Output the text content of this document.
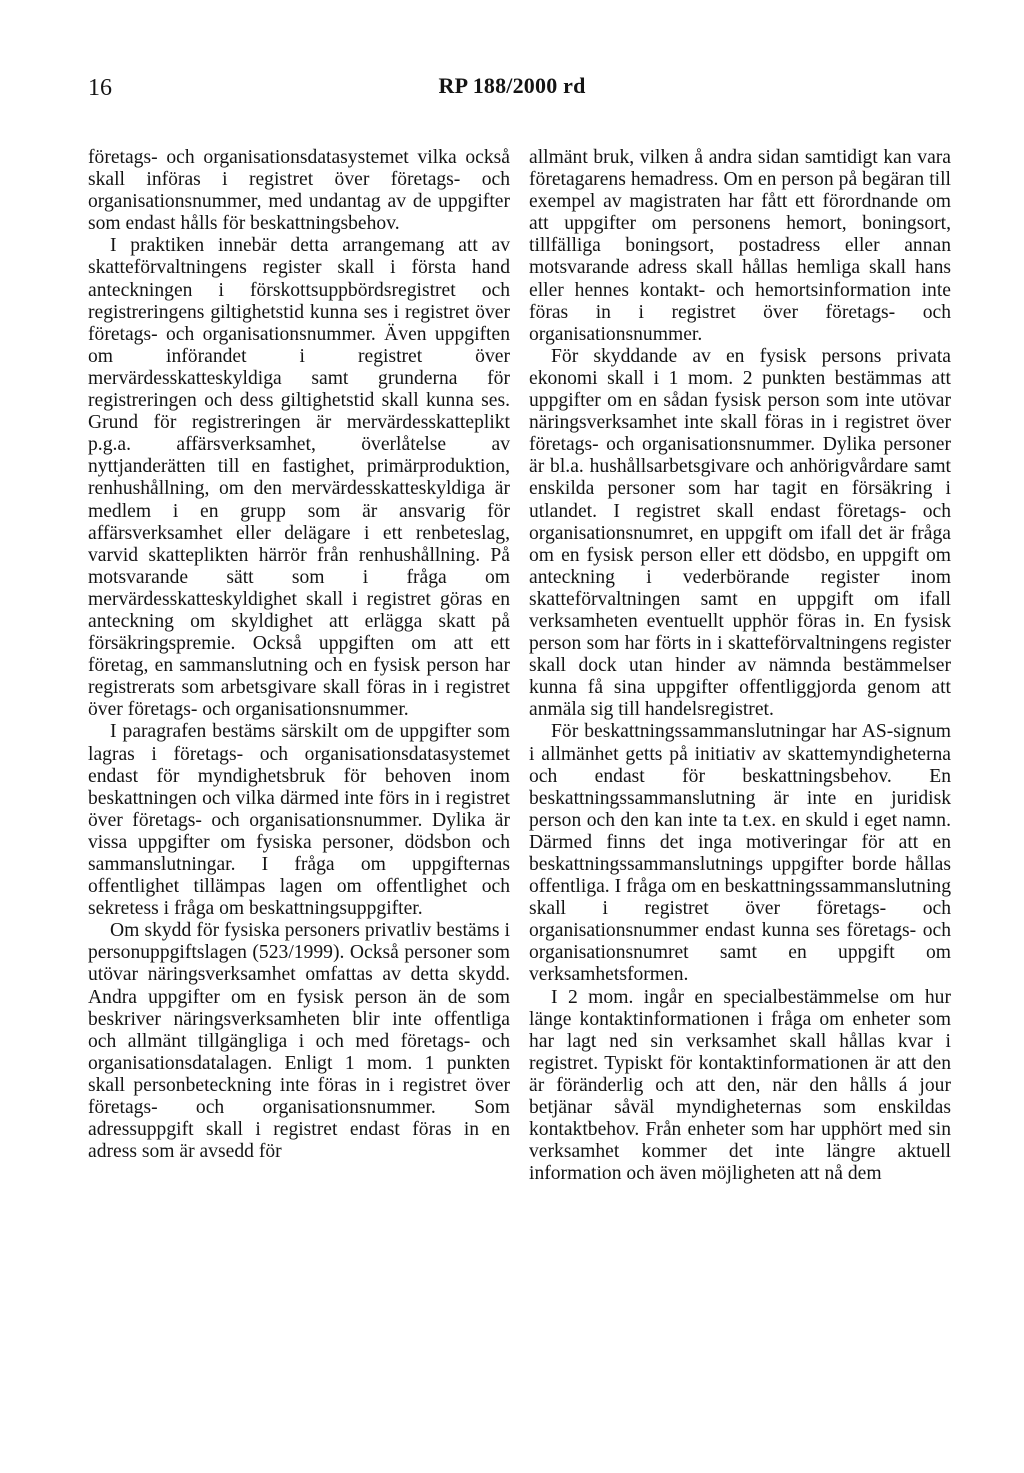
16	RP 188/2000 rd

företags- och organisationsdatasystemet vilka också skall införas i registret över företags- och organisationsnummer, med undantag av de uppgifter som endast hålls för beskattningsbehov.

I praktiken innebär detta arrangemang att av skatteförvaltningens register skall i första hand anteckningen i förskottsuppbördsregistret och registreringens giltighetstid kunna ses i registret över företags- och organisationsnummer. Även uppgiften om införandet i registret över mervärdesskatteskyldiga samt grunderna för registreringen och dess giltighetstid skall kunna ses. Grund för registreringen är mervärdesskatteplikt p.g.a. affärsverksamhet, överlåtelse av nyttjanderätten till en fastighet, primärproduktion, renhushållning, om den mervärdesskatteskyldiga är medlem i en grupp som är ansvarig för affärsverksamhet eller delägare i ett renbeteslag, varvid skatteplikten härrör från renhushållning. På motsvarande sätt som i fråga om mervärdesskatteskyldighet skall i registret göras en anteckning om skyldighet att erlägga skatt på försäkringspremie. Också uppgiften om att ett företag, en sammanslutning och en fysisk person har registrerats som arbetsgivare skall föras in i registret över företags- och organisationsnummer.

I paragrafen bestäms särskilt om de uppgifter som lagras i företags- och organisationsdatasystemet endast för myndighetsbruk för behoven inom beskattningen och vilka därmed inte förs in i registret över företags- och organisationsnummer. Dylika är vissa uppgifter om fysiska personer, dödsbon och sammanslutningar. I fråga om uppgifternas offentlighet tillämpas lagen om offentlighet och sekretess i fråga om beskattningsuppgifter.

Om skydd för fysiska personers privatliv bestäms i personuppgiftslagen (523/1999). Också personer som utövar näringsverksamhet omfattas av detta skydd. Andra uppgifter om en fysisk person än de som beskriver näringsverksamheten blir inte offentliga och allmänt tillgängliga i och med företags- och organisationsdatalagen. Enligt 1 mom. 1 punkten skall personbeteckning inte föras in i registret över företags- och organisationsnummer. Som adressuppgift skall i registret endast föras in en adress som är avsedd för

allmänt bruk, vilken å andra sidan samtidigt kan vara företagarens hemadress. Om en person på begäran till exempel av magistraten har fått ett förordnande om att uppgifter om personens hemort, boningsort, tillfälliga boningsort, postadress eller annan motsvarande adress skall hållas hemliga skall hans eller hennes kontakt- och hemortsinformation inte föras in i registret över företags- och organisationsnummer.

För skyddande av en fysisk persons privata ekonomi skall i 1 mom. 2 punkten bestämmas att uppgifter om en sådan fysisk person som inte utövar näringsverksamhet inte skall föras in i registret över företags- och organisationsnummer. Dylika personer är bl.a. hushållsarbetsgivare och anhörigvårdare samt enskilda personer som har tagit en försäkring i utlandet. I registret skall endast företags- och organisationsnumret, en uppgift om ifall det är fråga om en fysisk person eller ett dödsbo, en uppgift om anteckning i vederbörande register inom skatteförvaltningen samt en uppgift om ifall verksamheten eventuellt upphör föras in. En fysisk person som har förts in i skatteförvaltningens register skall dock utan hinder av nämnda bestämmelser kunna få sina uppgifter offentliggjorda genom att anmäla sig till handelsregistret.

För beskattningssammanslutningar har AS-signum i allmänhet getts på initiativ av skattemyndigheterna och endast för beskattningsbehov. En beskattningssammanslutning är inte en juridisk person och den kan inte ta t.ex. en skuld i eget namn. Därmed finns det inga motiveringar för att en beskattningssammanslutnings uppgifter borde hållas offentliga. I fråga om en beskattningssammanslutning skall i registret över företags- och organisationsnummer endast kunna ses företags- och organisationsnumret samt en uppgift om verksamhetsformen.

I 2 mom. ingår en specialbestämmelse om hur länge kontaktinformationen i fråga om enheter som har lagt ned sin verksamhet skall hållas kvar i registret. Typiskt för kontaktinformationen är att den är föränderlig och att den, när den hålls á jour betjänar såväl myndigheternas som enskildas kontaktbehov. Från enheter som har upphört med sin verksamhet kommer det inte längre aktuell information och även möjligheten att nå dem
